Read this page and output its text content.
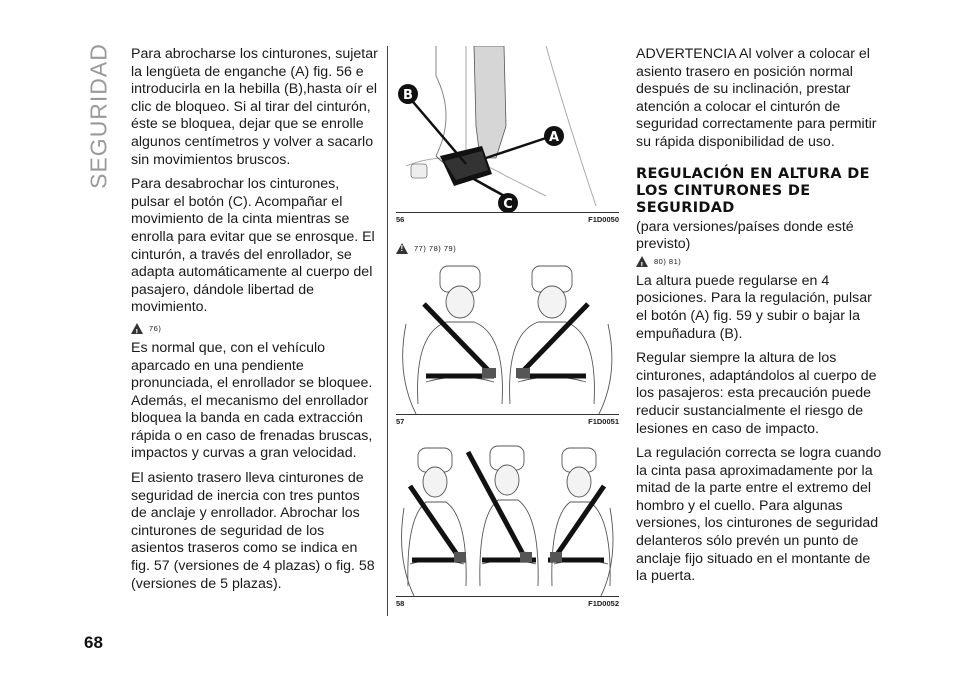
SEGURIDAD
68

Para abrocharse los cinturones, sujetar la lengüeta de enganche (A) fig. 56 e introducirla en la hebilla (B),hasta oír el clic de bloqueo. Si al tirar del cinturón, éste se bloquea, dejar que se enrolle algunos centímetros y volver a sacarlo sin movimientos bruscos.

Para desabrochar los cinturones, pulsar el botón (C). Acompañar el movimiento de la cinta mientras se enrolla para evitar que se enrosque. El cinturón, a través del enrollador, se adapta automáticamente al cuerpo del pasajero, dándole libertad de movimiento.

!
76)

Es normal que, con el vehículo aparcado en una pendiente pronunciada, el enrollador se bloquee. Además, el mecanismo del enrollador bloquea la banda en cada extracción rápida o en caso de frenadas bruscas, impactos y curvas a gran velocidad.

El asiento trasero lleva cinturones de seguridad de inercia con tres puntos de anclaje y enrollador. Abrochar los cinturones de seguridad de los asientos traseros como se indica en fig. 57 (versiones de 4 plazas) o fig. 58 (versiones de 5 plazas).

B
A
C
56	F1D0050
!
77) 78) 79)
57	F1D0051
58	F1D0052

ADVERTENCIA Al volver a colocar el asiento trasero en posición normal después de su inclinación, prestar atención a colocar el cinturón de seguridad correctamente para permitir su rápida disponibilidad de uso.

REGULACIÓN EN ALTURA DE LOS CINTURONES DE SEGURIDAD

(para versiones/países donde esté previsto)

!
80) 81)

La altura puede regularse en 4 posiciones. Para la regulación, pulsar el botón (A) fig. 59 y subir o bajar la empuñadura (B).

Regular siempre la altura de los cinturones, adaptándolos al cuerpo de los pasajeros: esta precaución puede reducir sustancialmente el riesgo de lesiones en caso de impacto.

La regulación correcta se logra cuando la cinta pasa aproximadamente por la mitad de la parte entre el extremo del hombro y el cuello. Para algunas versiones, los cinturones de seguridad delanteros sólo prevén un punto de anclaje fijo situado en el montante de la puerta.
